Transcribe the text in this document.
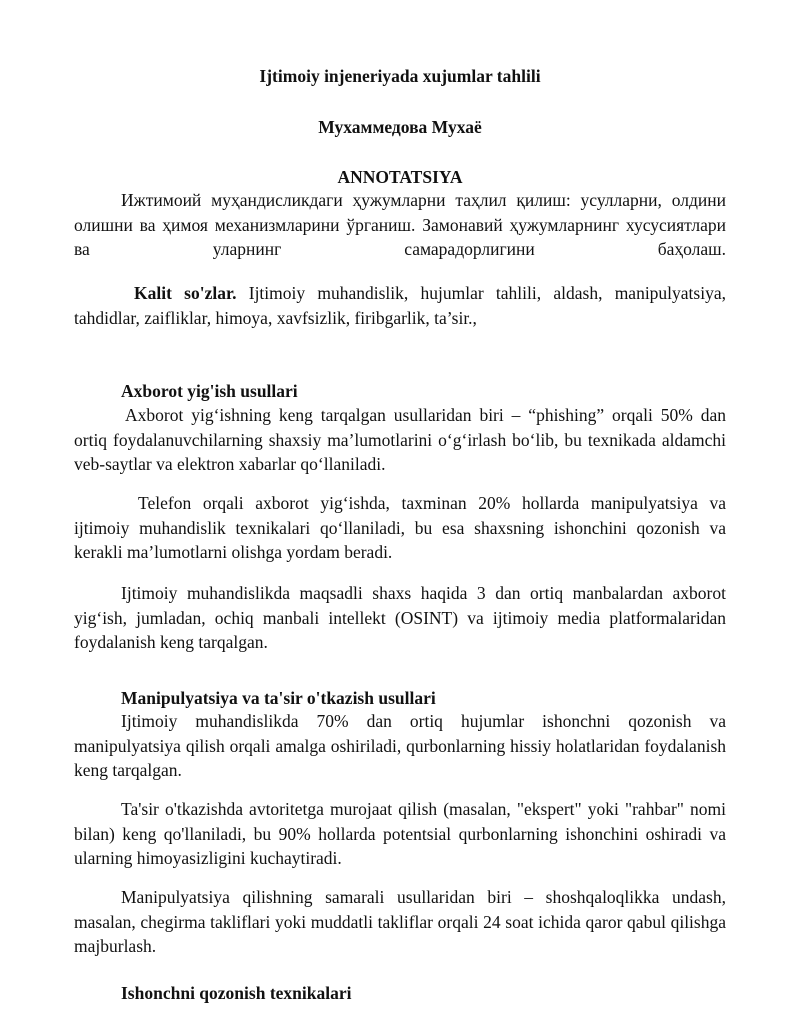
Ijtimoiy injeneriyada xujumlar tahlili

Мухаммедова Мухаё

ANNOTATSIYA

Ижтимоий муҳандисликдаги ҳужумларни таҳлил қилиш: усулларни, олдини олишни ва ҳимоя механизмларини ўрганиш. Замонавий ҳужумларнинг хусусиятлари ва уларнинг самарадорлигини баҳолаш.

Kalit so'zlar. Ijtimoiy muhandislik, hujumlar tahlili, aldash, manipulyatsiya, tahdidlar, zaifliklar, himoya, xavfsizlik, firibgarlik, ta’sir.,

Axborot yig'ish usullari

Axborot yig‘ishning keng tarqalgan usullaridan biri – “phishing” orqali 50% dan ortiq foydalanuvchilarning shaxsiy ma’lumotlarini o‘g‘irlash bo‘lib, bu texnikada aldamchi veb-saytlar va elektron xabarlar qo‘llaniladi.

Telefon orqali axborot yig‘ishda, taxminan 20% hollarda manipulyatsiya va ijtimoiy muhandislik texnikalari qo‘llaniladi, bu esa shaxsning ishonchini qozonish va kerakli ma’lumotlarni olishga yordam beradi.

Ijtimoiy muhandislikda maqsadli shaxs haqida 3 dan ortiq manbalardan axborot yig‘ish, jumladan, ochiq manbali intellekt (OSINT) va ijtimoiy media platformalaridan foydalanish keng tarqalgan.

Manipulyatsiya va ta'sir o'tkazish usullari

Ijtimoiy muhandislikda 70% dan ortiq hujumlar ishonchni qozonish va manipulyatsiya qilish orqali amalga oshiriladi, qurbonlarning hissiy holatlaridan foydalanish keng tarqalgan.

Ta'sir o'tkazishda avtoritetga murojaat qilish (masalan, "ekspert" yoki "rahbar" nomi bilan) keng qo'llaniladi, bu 90% hollarda potentsial qurbonlarning ishonchini oshiradi va ularning himoyasizligini kuchaytiradi.

Manipulyatsiya qilishning samarali usullaridan biri – shoshqaloqlikka undash, masalan, chegirma takliflari yoki muddatli takliflar orqali 24 soat ichida qaror qabul qilishga majburlash.

Ishonchni qozonish texnikalari
